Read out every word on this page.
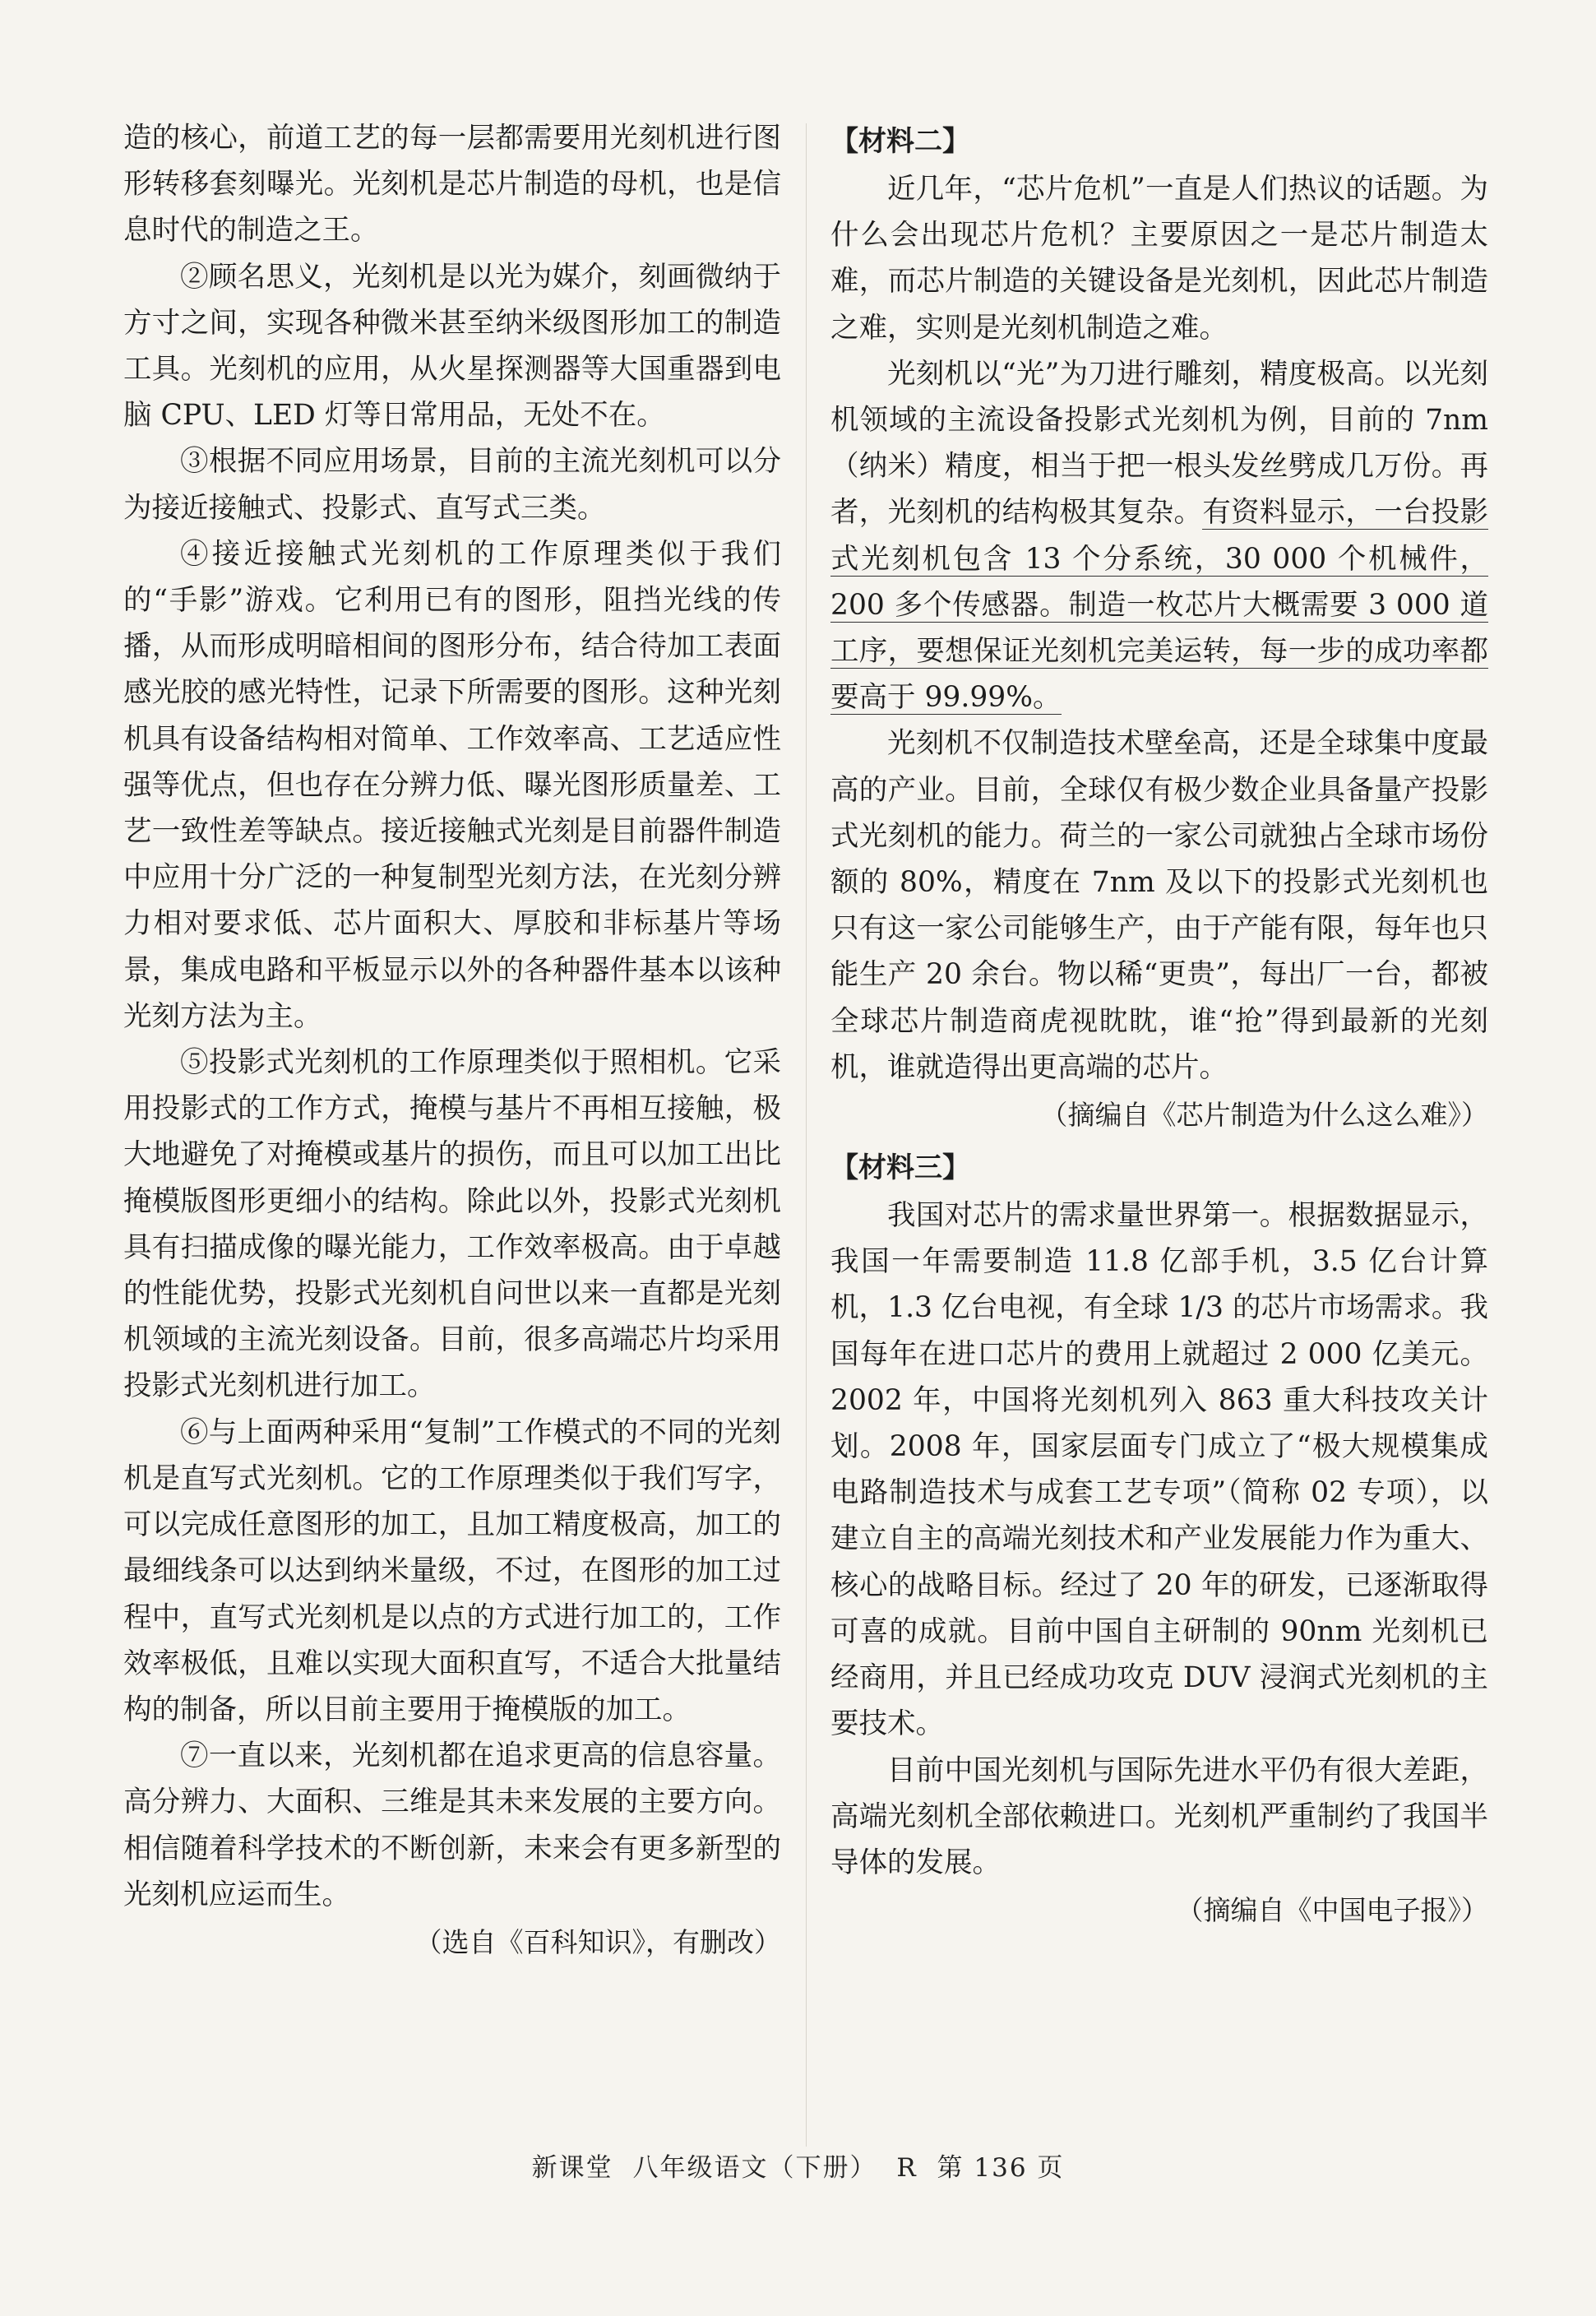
造的核心，前道工艺的每一层都需要用光刻机进行图形转移套刻曝光。光刻机是芯片制造的母机，也是信息时代的制造之王。

②顾名思义，光刻机是以光为媒介，刻画微纳于方寸之间，实现各种微米甚至纳米级图形加工的制造工具。光刻机的应用，从火星探测器等大国重器到电脑 CPU、LED 灯等日常用品，无处不在。

③根据不同应用场景，目前的主流光刻机可以分为接近接触式、投影式、直写式三类。

④接近接触式光刻机的工作原理类似于我们的“手影”游戏。它利用已有的图形，阻挡光线的传播，从而形成明暗相间的图形分布，结合待加工表面感光胶的感光特性，记录下所需要的图形。这种光刻机具有设备结构相对简单、工作效率高、工艺适应性强等优点，但也存在分辨力低、曝光图形质量差、工艺一致性差等缺点。接近接触式光刻是目前器件制造中应用十分广泛的一种复制型光刻方法，在光刻分辨力相对要求低、芯片面积大、厚胶和非标基片等场景，集成电路和平板显示以外的各种器件基本以该种光刻方法为主。

⑤投影式光刻机的工作原理类似于照相机。它采用投影式的工作方式，掩模与基片不再相互接触，极大地避免了对掩模或基片的损伤，而且可以加工出比掩模版图形更细小的结构。除此以外，投影式光刻机具有扫描成像的曝光能力，工作效率极高。由于卓越的性能优势，投影式光刻机自问世以来一直都是光刻机领域的主流光刻设备。目前，很多高端芯片均采用投影式光刻机进行加工。

⑥与上面两种采用“复制”工作模式的不同的光刻机是直写式光刻机。它的工作原理类似于我们写字，可以完成任意图形的加工，且加工精度极高，加工的最细线条可以达到纳米量级，不过，在图形的加工过程中，直写式光刻机是以点的方式进行加工的，工作效率极低，且难以实现大面积直写，不适合大批量结构的制备，所以目前主要用于掩模版的加工。

⑦一直以来，光刻机都在追求更高的信息容量。高分辨力、大面积、三维是其未来发展的主要方向。相信随着科学技术的不断创新，未来会有更多新型的光刻机应运而生。

（选自《百科知识》，有删改）
【材料二】

近几年，“芯片危机”一直是人们热议的话题。为什么会出现芯片危机？主要原因之一是芯片制造太难，而芯片制造的关键设备是光刻机，因此芯片制造之难，实则是光刻机制造之难。

光刻机以“光”为刀进行雕刻，精度极高。以光刻机领域的主流设备投影式光刻机为例，目前的 7nm（纳米）精度，相当于把一根头发丝劈成几万份。再者，光刻机的结构极其复杂。有资料显示，一台投影式光刻机包含 13 个分系统，30 000 个机械件，200 多个传感器。制造一枚芯片大概需要 3 000 道工序，要想保证光刻机完美运转，每一步的成功率都要高于 99.99%。

光刻机不仅制造技术壁垒高，还是全球集中度最高的产业。目前，全球仅有极少数企业具备量产投影式光刻机的能力。荷兰的一家公司就独占全球市场份额的 80%，精度在 7nm 及以下的投影式光刻机也只有这一家公司能够生产，由于产能有限，每年也只能生产 20 余台。物以稀“更贵”，每出厂一台，都被全球芯片制造商虎视眈眈，谁“抢”得到最新的光刻机，谁就造得出更高端的芯片。

（摘编自《芯片制造为什么这么难》）
【材料三】

我国对芯片的需求量世界第一。根据数据显示，我国一年需要制造 11.8 亿部手机，3.5 亿台计算机，1.3 亿台电视，有全球 1/3 的芯片市场需求。我国每年在进口芯片的费用上就超过 2 000 亿美元。2002 年，中国将光刻机列入 863 重大科技攻关计划。2008 年，国家层面专门成立了“极大规模集成电路制造技术与成套工艺专项”（简称 02 专项），以建立自主的高端光刻技术和产业发展能力作为重大、核心的战略目标。经过了 20 年的研发，已逐渐取得可喜的成就。目前中国自主研制的 90nm 光刻机已经商用，并且已经成功攻克 DUV 浸润式光刻机的主要技术。

目前中国光刻机与国际先进水平仍有很大差距，高端光刻机全部依赖进口。光刻机严重制约了我国半导体的发展。

（摘编自《中国电子报》）
新课堂 八年级语文（下册） R 第 136 页
